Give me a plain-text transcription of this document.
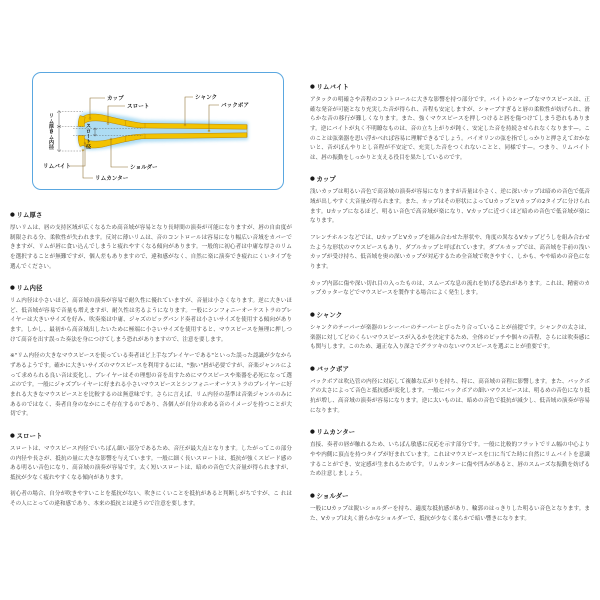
リム厚さ
リム内径	スロート径
カップ
スロート
シャンク
バックボア
リムバイト	ショルダー
リムカンター
● リム厚さ

厚いリムは、唇の支持区域が広くなるため高音域が容易となり長時間の演奏が可能になりますが、唇の自由度が制限される分、柔軟性が失われます。反対に薄いリムは、音のコントロールは容易になり幅広い音域をカバーできますが、リムが唇に食い込んでしまうと疲れやすくなる傾向があります。一般的に初心者は中庸な厚さのリムを選択することが無難ですが、個人差もありますので、違和感がなく、自然に楽に演奏でき疲れにくいタイプを選んでください。

● リム内径

リム内径は小さいほど、高音域の演奏が容易で耐久性に優れていますが、音量は小さくなります。逆に大きいほど、低音域が容易で音量も増えますが、耐久性は劣るようになります。一般にシンフォニーオーケストラのプレイヤーは大きいサイズを好み、吹奏楽は中庸、ジャズのビッグバンド奏者は小さいサイズを使用する傾向があります。しかし、最初から高音域出したいために極端に小さいサイズを使用すると、マウスピースを無理に押しつけて高音を出す誤った奏法を身につけてしまう恐れがありますので、注意を要します。

※"リム内径の大きなマウスピースを使っている奏者ほど上手なプレイヤーである"といった誤った認識が少なからずあるようです。確かに大きいサイズのマウスピースを利用するには、"強い"唇が必要ですが、音楽ジャンルによって求められる良い音は変化し、プレイヤーはその理想の音を出すためにマウスピースや楽器を必死になって選ぶのです。一般にジャズプレイヤーに好まれる小さいマウスピースとシンフォニーオーケストラのプレイヤーに好まれる大きなマウスピースとを比較するのは無意味です。さらに言えば、リム内径の基準は音楽ジャンルのみにあるのではなく、奏者自身のなかにこそ存在するのであり、各個人が自分の求める音のイメージを持つことが大切です。

● スロート

スロートは、マウスピース内径でいちばん細い部分であるため、音圧が最大点となります。したがってこの部分の内径や長さが、抵抗の量に大きな影響を与えています。一般に細く長いスロートは、抵抗が強くスピード感のある明るい音色になり、高音域の演奏が容易です。太く短いスロートは、暗めの音色で大音量が得られますが、抵抗が少なく疲れやすくなる傾向があります。

初心者の場合、自分が吹きやすいことを抵抗がない、吹きにくいことを抵抗があると判断しがちですが、こ れはその人にとっての違和感であり、本来の抵抗とは違うので注意を要します。

● リムバイト

アタックの明確さや音程のコントロールに大きな影響を持つ部分です。バイトのシャープなマウスピースは、正確な発音が可能となり充実した音が得られ、音程も安定しますが、シャープすぎると唇の柔軟性が妨げられ、滑らかな音の移行が難しくなります。また、強くマウスピースを押しつけると唇を傷つけてしまう恐れもあります。逆にバイトが丸く不明瞭なものは、音の立ち上がりが鈍く、安定した音を持続させられなくなります—。このことは弦楽器を思い浮かべれば容易に理解できるでしょう。バイオリンの弦を指でしっかりと押さえておかないと、音がぼんやりとし音程が不安定で、充実した音をつくれないことと、同様です—。つまり、リムバイトは、唇の振動をしっかりと支える役目を果たしているのです。

● カップ

浅いカップは明るい音色で高音域の演奏が容易になりますが音量は小さく、逆に深いカップは暗めの音色で低音域が出しやすく大音量が得られます。また、カップはその形状によってUカップとVカップの2タイプに分けられます。Uカップになるほど、明るい音色で高音域が楽になり、Vカップに近づくほど暗めの音色で低音域が楽になります。

フレンチホルンなどでは、UカップとVカップを組み合わせた形状や、角度の異なるVカップどうしを組み合わせたような形状のマウスピースもあり、ダブルカップと呼ばれています。ダブルカップでは、高音域を手前の浅いカップが受け持ち、低音域を奥の深いカップが対応するため全音域で吹きやすく、しかも、やや暗めの音色になります。

カップ内部に傷や深い切れ目の入ったものは、スムーズな息の流れを妨げる恐れがあります。これは、精密のカップカッターなどでマウスピースを製作する場合によく発生します。

● シャンク

シャンクのテーパーが楽器のレシーバーのテーパーとぴったり合っていることが前提です。シャンクの太さは、楽器に対してどのくらいマウスピースが入るかを決定するため、全体のピッチや個々の音程、さらには吹奏感にも関与します。このため、適正な入り深さでグラツキのないマウスピースを選ぶことが重要です。

● バックボア

バックボアは吹込管の内径に対応して複雑な広がりを持ち、特に、高音域の音程に影響します。また、バックボアの太さによって音色と抵抗感が変化します。一般にバックボアの細いマウスピースは、明るめの音色になり抵抗が増し、高音域の演奏が容易になります。逆に太いものは、暗めの音色で抵抗が減少し、低音域の演奏が容易になります。

● リムカンター

直接、奏者の唇が触れるため、いちばん敏感に反応を示す部分です。一般に比較的フラットでリム幅の中心よりやや内側に頂点を持つタイプが好まれています。これはマウスピースを口に当てた時に自然にリムバイトを意識することができ、安定感が生まれるためです。リムカンターに傷や凹みがあると、唇のスムーズな振動を妨げるため注意しましょう。

● ショルダー

一般にUカップは鋭いショルダーを持ち、適度な抵抗感があり、輪郭のはっきりした明るい音色となります。また、Vカップは丸く滑らかなショルダーで、抵抗が少なく柔らかで暗い響きになります。
